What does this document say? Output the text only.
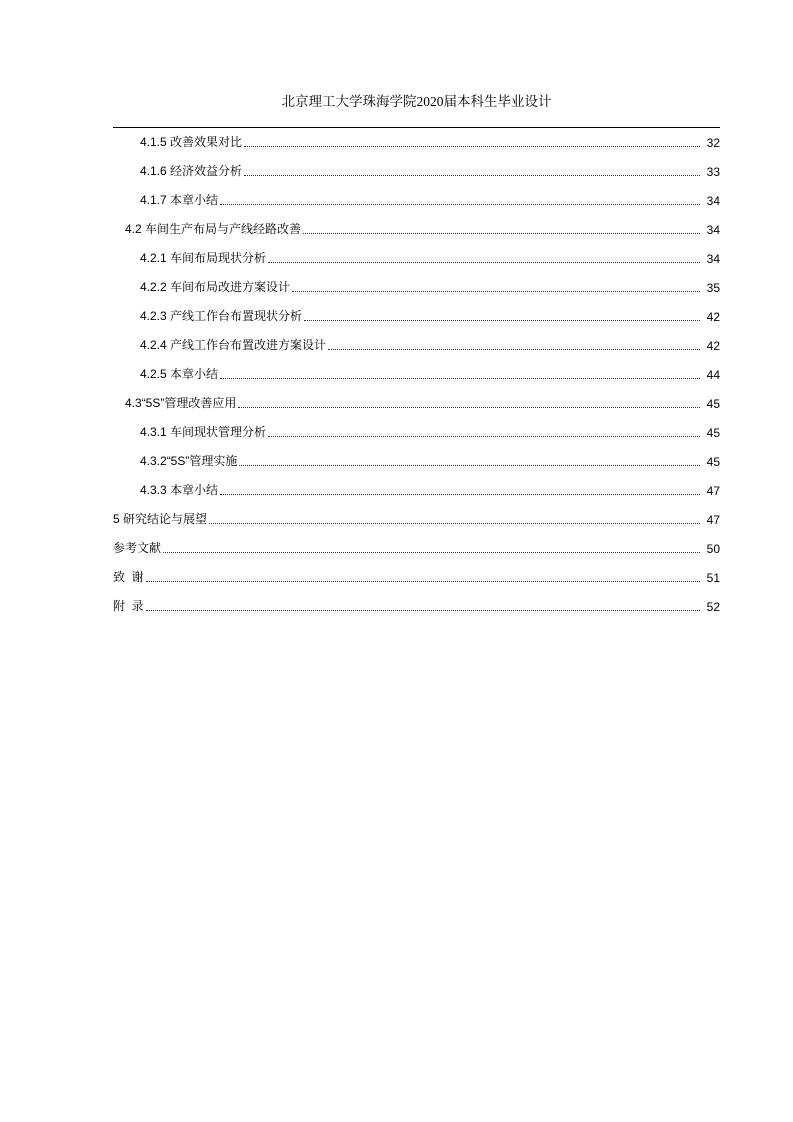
北京理工大学珠海学院2020届本科生毕业设计
4.1.5 改善效果对比	32
4.1.6 经济效益分析	33
4.1.7 本章小结	34
4.2 车间生产布局与产线经路改善	34
4.2.1 车间布局现状分析	34
4.2.2 车间布局改进方案设计	35
4.2.3 产线工作台布置现状分析	42
4.2.4 产线工作台布置改进方案设计	42
4.2.5 本章小结	44
4.3“5S”管理改善应用	45
4.3.1 车间现状管理分析	45
4.3.2“5S”管理实施	45
4.3.3 本章小结	47
5 研究结论与展望	47
参考文献	50
致  谢	51
附  录	52
